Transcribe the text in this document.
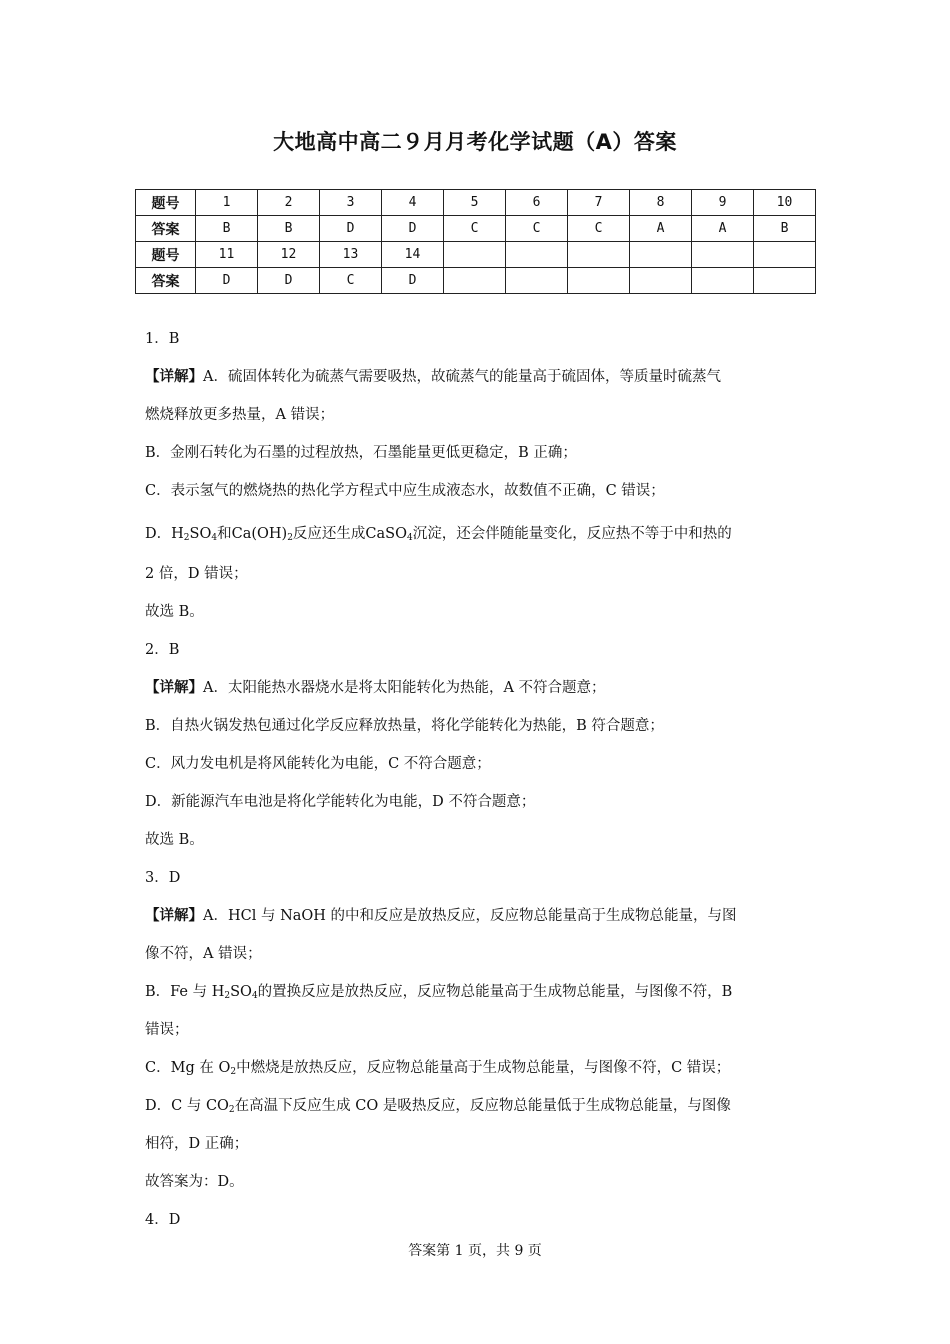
大地高中高二９月月考化学试题（A）答案
题号	1	2	3	4	5	6	7	8	9	10
答案	B	B	D	D	C	C	C	A	A	B
题号	11	12	13	14						
答案	D	D	C	D						
1．B
【详解】A．硫固体转化为硫蒸气需要吸热，故硫蒸气的能量高于硫固体，等质量时硫蒸气
燃烧释放更多热量，A 错误；
B．金刚石转化为石墨的过程放热，石墨能量更低更稳定，B 正确；
C．表示氢气的燃烧热的热化学方程式中应生成液态水，故数值不正确，C 错误；
D．$H_2SO_4$和$Ca(OH)_2$反应还生成CaSO$_4$沉淀，还会伴随能量变化，反应热不等于中和热的
2 倍，D 错误；
故选 B。
2．B
【详解】A．太阳能热水器烧水是将太阳能转化为热能，A 不符合题意；
B．自热火锅发热包通过化学反应释放热量，将化学能转化为热能，B 符合题意；
C．风力发电机是将风能转化为电能，C 不符合题意；
D．新能源汽车电池是将化学能转化为电能，D 不符合题意；
故选 B。
3．D
【详解】A．HCl 与 NaOH 的中和反应是放热反应，反应物总能量高于生成物总能量，与图
像不符，A 错误；
B．Fe 与 $H_2SO_4$的置换反应是放热反应，反应物总能量高于生成物总能量，与图像不符，B
错误；
C．Mg 在 $O_2$中燃烧是放热反应，反应物总能量高于生成物总能量，与图像不符，C 错误；
D．C 与 $CO_2$在高温下反应生成 CO 是吸热反应，反应物总能量低于生成物总能量，与图像
相符，D 正确；
故答案为：D。
4．D
答案第 1 页，共 9 页
